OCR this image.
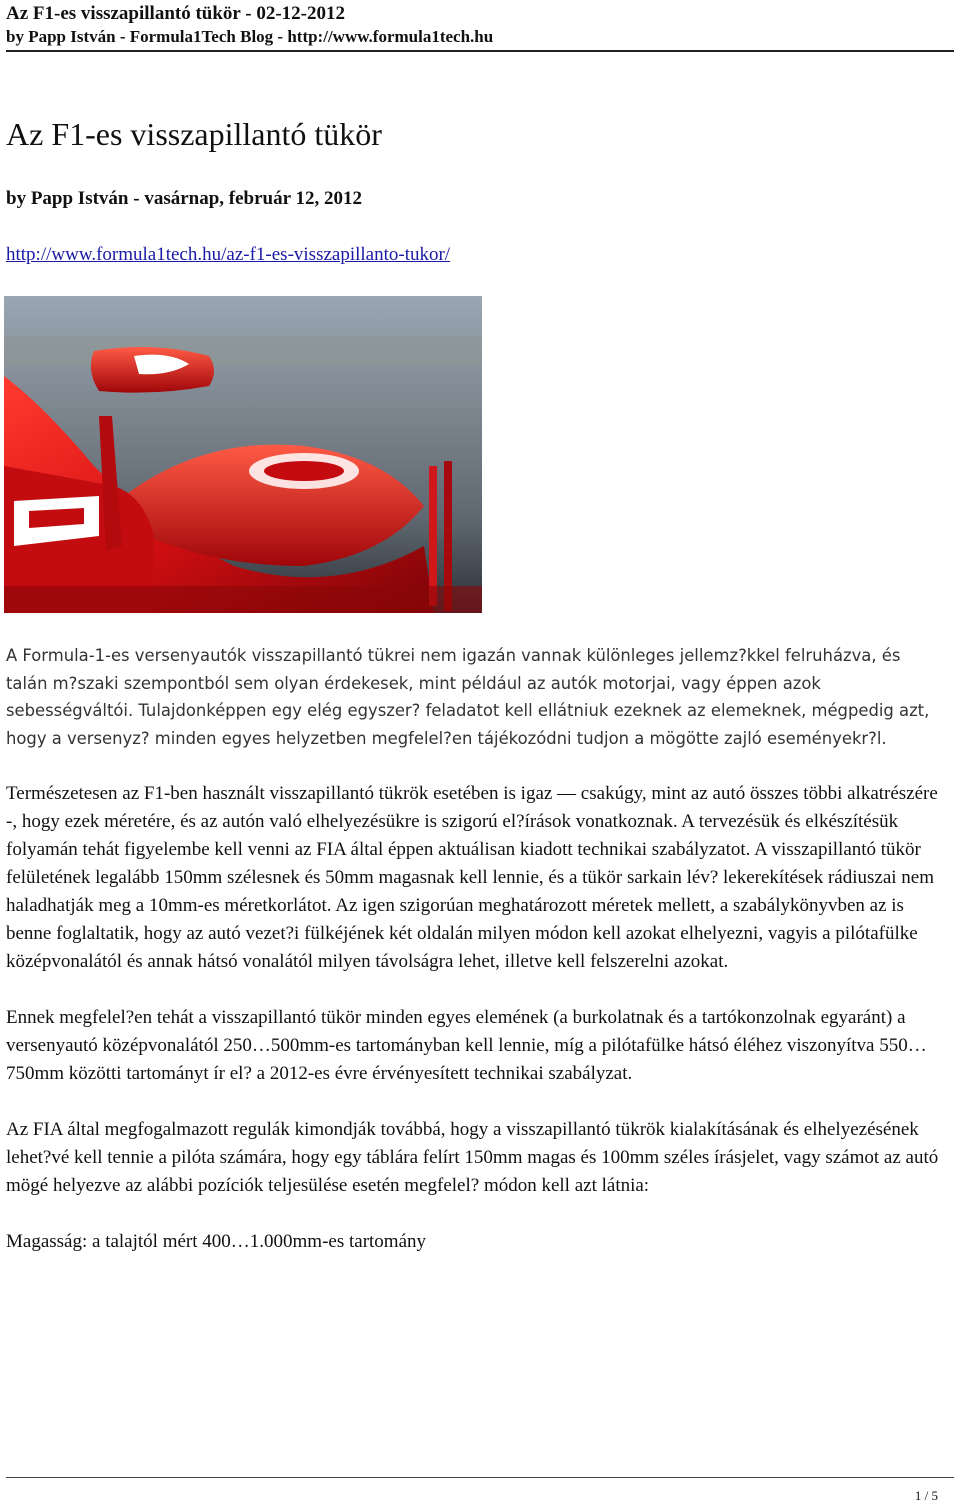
Az F1-es visszapillantó tükör - 02-12-2012
by Papp István - Formula1Tech Blog - http://www.formula1tech.hu
Az F1-es visszapillantó tükör
by Papp István - vasárnap, február 12, 2012
http://www.formula1tech.hu/az-f1-es-visszapillanto-tukor/

A Formula-1-es versenyautók visszapillantó tükrei nem igazán vannak különleges jellemz?kkel felruházva, és talán m?szaki szempontból sem olyan érdekesek, mint például az autók motorjai, vagy éppen azok sebességváltói. Tulajdonképpen egy elég egyszer? feladatot kell ellátniuk ezeknek az elemeknek, mégpedig azt, hogy a versenyz? minden egyes helyzetben megfelel?en tájékozódni tudjon a mögötte zajló eseményekr?l.

Természetesen az F1-ben használt visszapillantó tükrök esetében is igaz — csakúgy, mint az autó összes többi alkatrészére -, hogy ezek méretére, és az autón való elhelyezésükre is szigorú el?írások vonatkoznak. A tervezésük és elkészítésük folyamán tehát figyelembe kell venni az FIA által éppen aktuálisan kiadott technikai szabályzatot. A visszapillantó tükör felületének legalább 150mm szélesnek és 50mm magasnak kell lennie, és a tükör sarkain lév? lekerekítések rádiuszai nem haladhatják meg a 10mm-es méretkorlátot. Az igen szigorúan meghatározott méretek mellett, a szabálykönyvben az is benne foglaltatik, hogy az autó vezet?i fülkéjének két oldalán milyen módon kell azokat elhelyezni, vagyis a pilótafülke középvonalától és annak hátsó vonalától milyen távolságra lehet, illetve kell felszerelni azokat.

Ennek megfelel?en tehát a visszapillantó tükör minden egyes elemének (a burkolatnak és a tartókonzolnak egyaránt) a versenyautó középvonalától 250…500mm-es tartományban kell lennie, míg a pilótafülke hátsó éléhez viszonyítva 550…750mm közötti tartományt ír el? a 2012-es évre érvényesített technikai szabályzat.

Az FIA által megfogalmazott regulák kimondják továbbá, hogy a visszapillantó tükrök kialakításának és elhelyezésének lehet?vé kell tennie a pilóta számára, hogy egy táblára felírt 150mm magas és 100mm széles írásjelet, vagy számot az autó mögé helyezve az alábbi pozíciók teljesülése esetén megfelel? módon kell azt látnia:

Magasság: a talajtól mért 400…1.000mm-es tartomány

1 / 5
